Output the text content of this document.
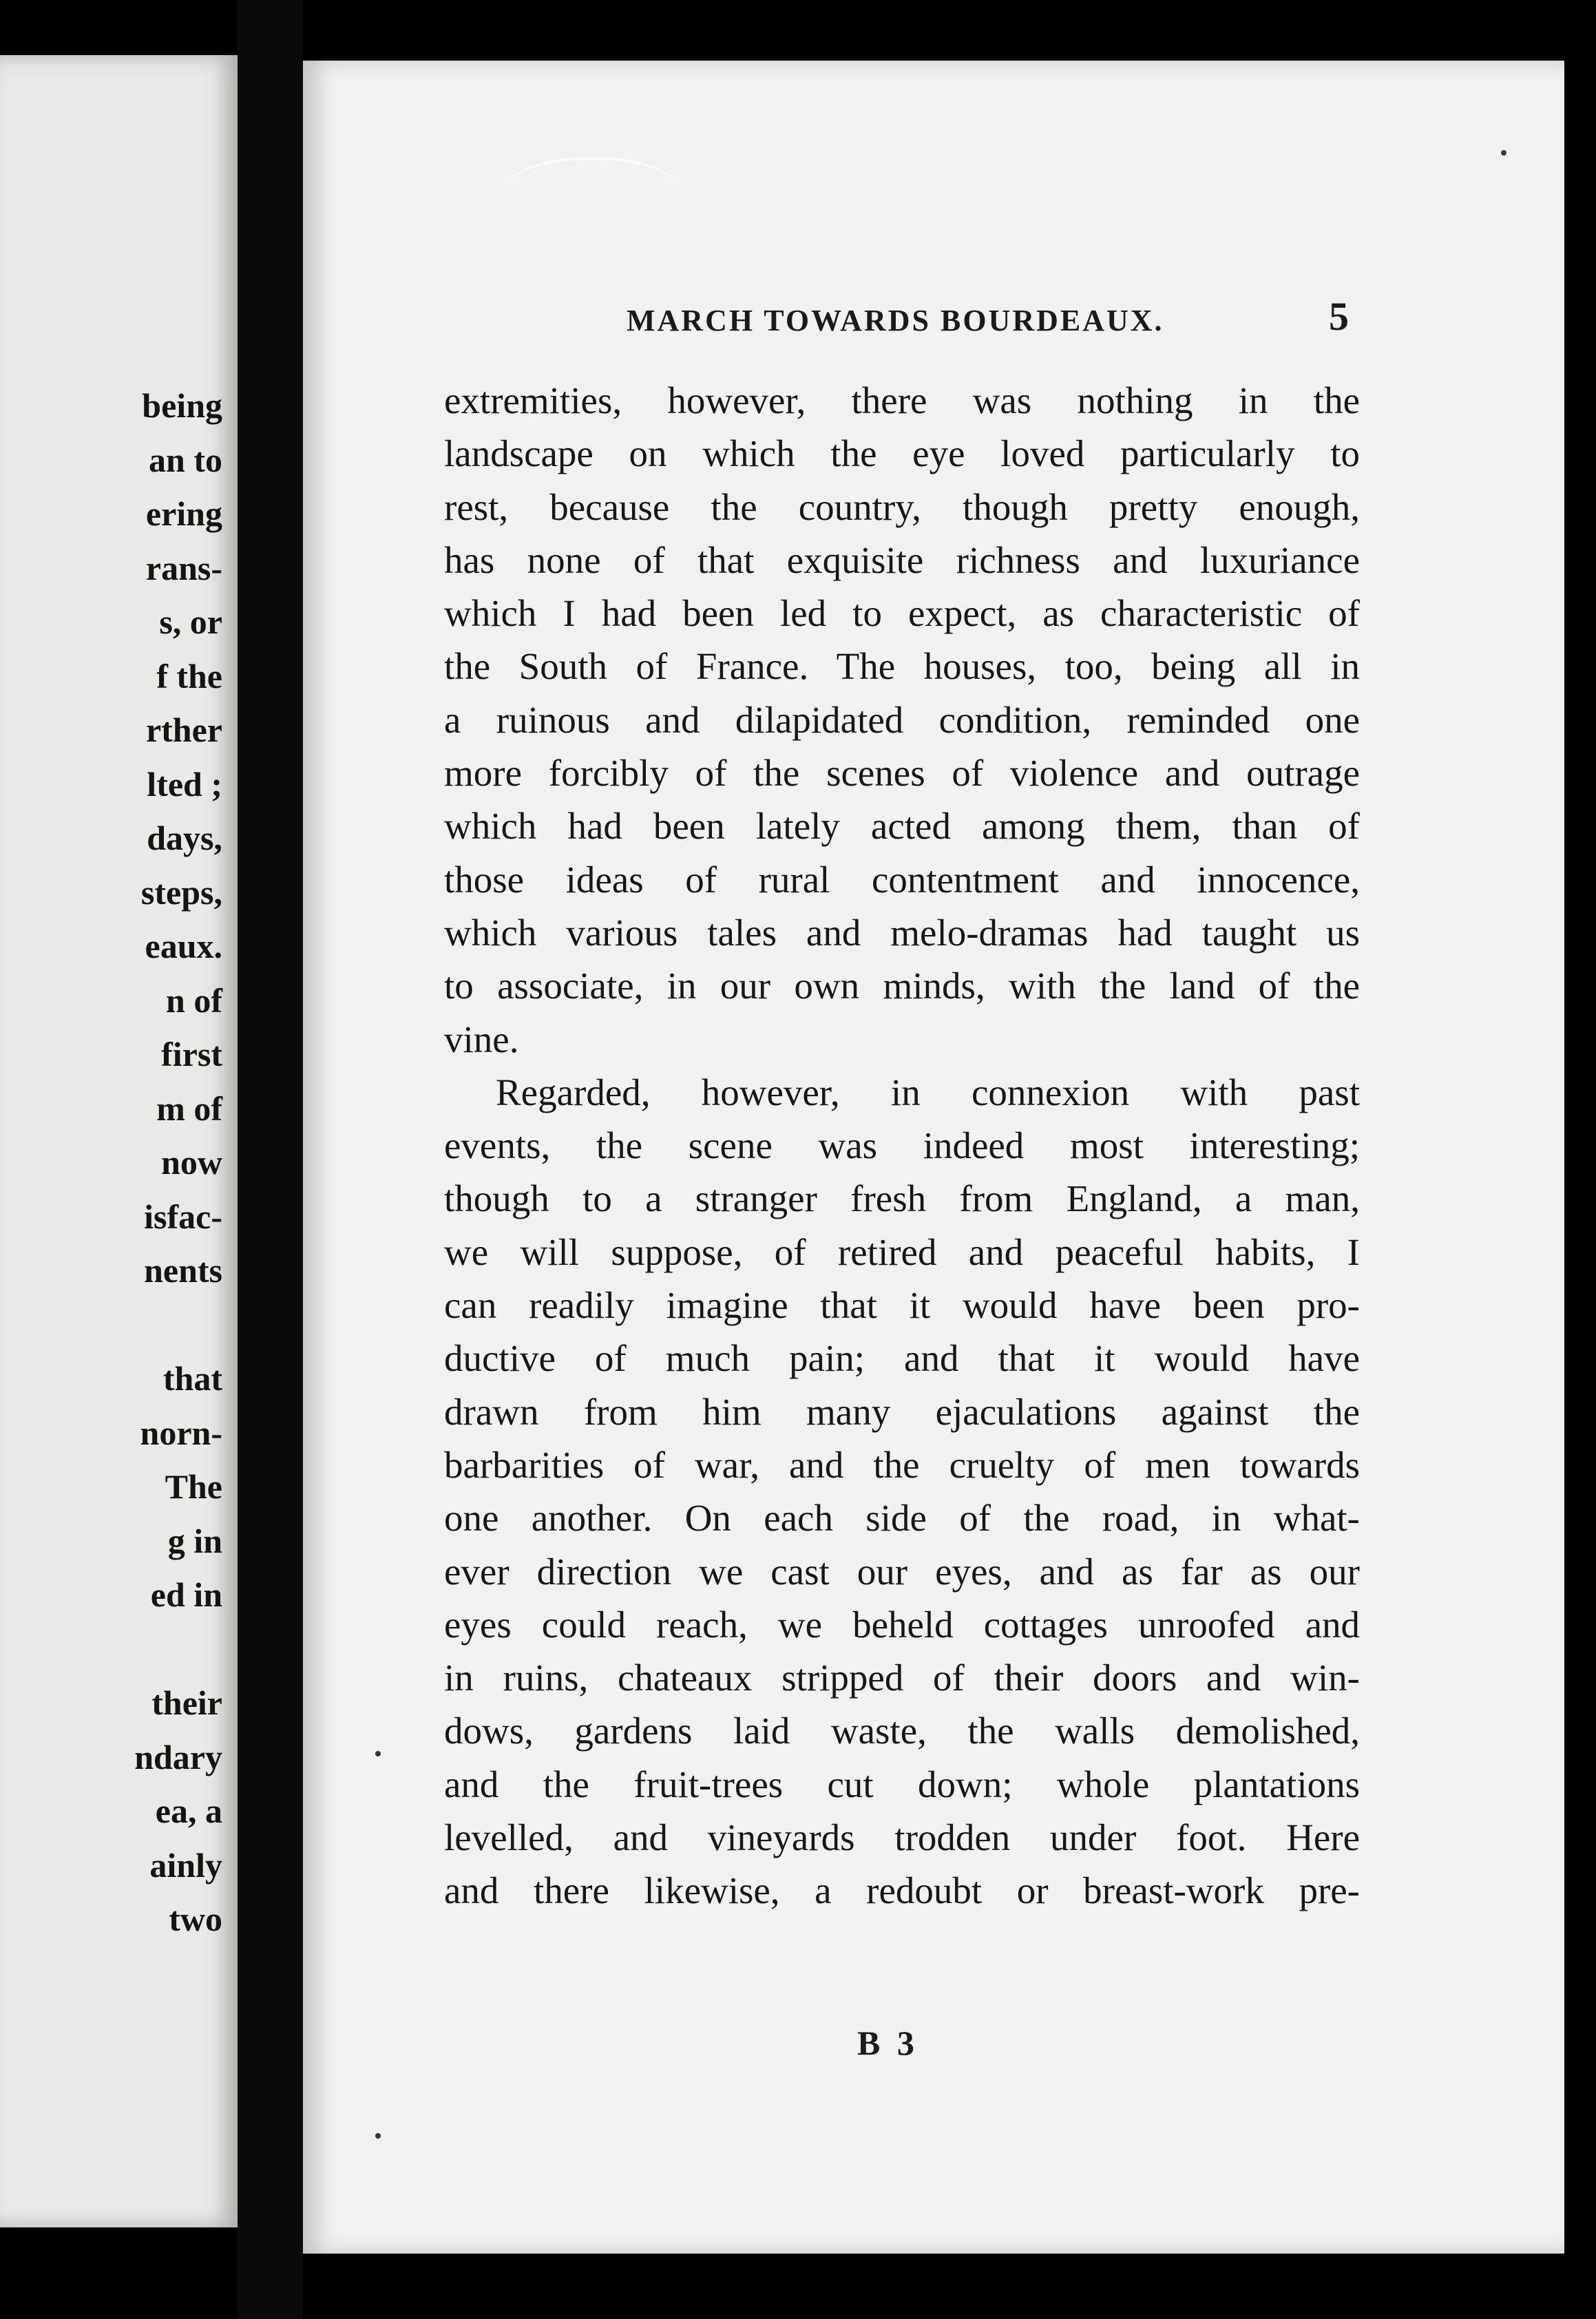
being
an to
ering
rans-
s, or
f the
rther
lted ;
days,
steps,
eaux.
n of
first
m of
now
isfac-
nents

that
norn-
The
g in
ed in

their
ndary
ea, a
ainly
two
MARCH TOWARDS BOURDEAUX.	5
extremities, however, there was nothing in the
landscape on which the eye loved particularly to
rest, because the country, though pretty enough,
has none of that exquisite richness and luxuriance
which I had been led to expect, as characteristic of
the South of France. The houses, too, being all in
a ruinous and dilapidated condition, reminded one
more forcibly of the scenes of violence and outrage
which had been lately acted among them, than of
those ideas of rural contentment and innocence,
which various tales and melo-dramas had taught us
to associate, in our own minds, with the land of the
vine.
Regarded, however, in connexion with past
events, the scene was indeed most interesting;
though to a stranger fresh from England, a man,
we will suppose, of retired and peaceful habits, I
can readily imagine that it would have been pro-
ductive of much pain; and that it would have
drawn from him many ejaculations against the
barbarities of war, and the cruelty of men towards
one another. On each side of the road, in what-
ever direction we cast our eyes, and as far as our
eyes could reach, we beheld cottages unroofed and
in ruins, chateaux stripped of their doors and win-
dows, gardens laid waste, the walls demolished,
and the fruit-trees cut down; whole plantations
levelled, and vineyards trodden under foot. Here
and there likewise, a redoubt or breast-work pre-
B 3
